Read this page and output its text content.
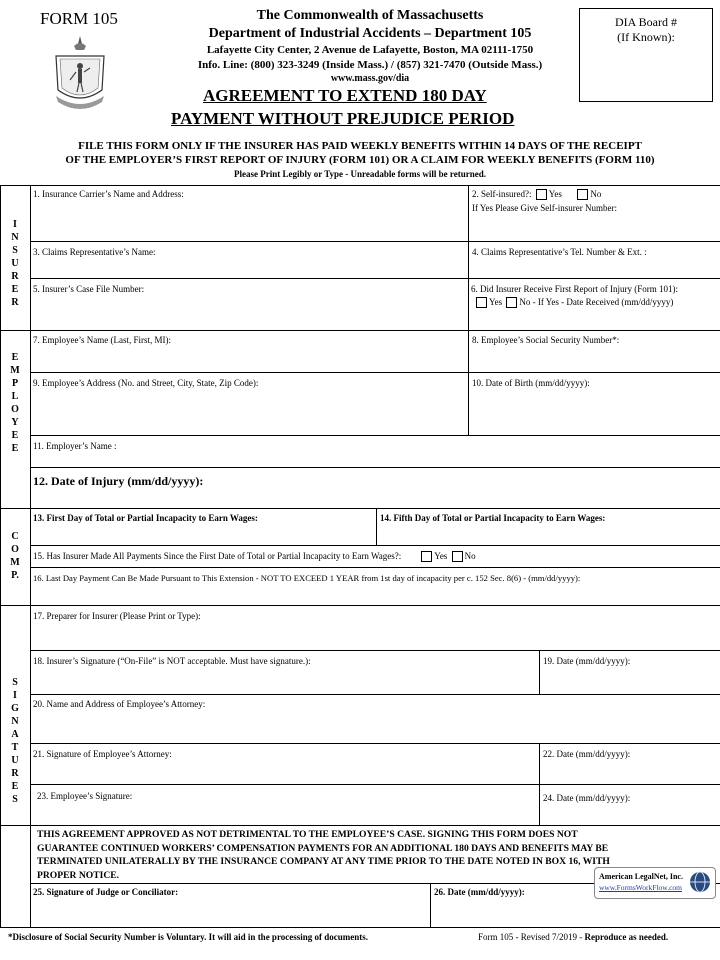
FORM 105	The Commonwealth of Massachusetts
Department of Industrial Accidents – Department 105
Lafayette City Center, 2 Avenue de Lafayette, Boston, MA 02111-1750
Info. Line: (800) 323-3249 (Inside Mass.) / (857) 321-7470 (Outside Mass.)
www.mass.gov/dia
AGREEMENT TO EXTEND 180 DAY
PAYMENT WITHOUT PREJUDICE PERIOD
DIA Board #
(If Known):
FILE THIS FORM ONLY IF THE INSURER HAS PAID WEEKLY BENEFITS WITHIN 14 DAYS OF THE RECEIPT
OF THE EMPLOYER’S FIRST REPORT OF INJURY (FORM 101) OR A CLAIM FOR WEEKLY BENEFITS (FORM 110)
Please Print Legibly or Type - Unreadable forms will be returned.
I
N
S
U
R
E
R
E
M
P
L
O
Y
E
E
C
O
M
P.
S
I
G
N
A
T
U
R
E
S
1. Insurance Carrier’s Name and Address:	2. Self-insured?: Yes	No
If Yes Please Give Self-insurer Number:
3. Claims Representative’s Name:	4. Claims Representative’s Tel. Number & Ext. :
5. Insurer’s Case File Number:	6. Did Insurer Receive First Report of Injury (Form 101):
Yes No - If Yes - Date Received (mm/dd/yyyy)
7. Employee’s Name (Last, First, MI):	8. Employee’s Social Security Number*:
9. Employee’s Address (No. and Street, City, State, Zip Code):	10. Date of Birth (mm/dd/yyyy):
11. Employer’s Name :
12. Date of Injury (mm/dd/yyyy):
13. First Day of Total or Partial Incapacity to Earn Wages:	14. Fifth Day of Total or Partial Incapacity to Earn Wages:
15. Has Insurer Made All Payments Since the First Date of Total or Partial Incapacity to Earn Wages?:	Yes No
16. Last Day Payment Can Be Made Pursuant to This Extension - NOT TO EXCEED 1 YEAR from 1st day of incapacity per c. 152 Sec. 8(6) - (mm/dd/yyyy):
17. Preparer for Insurer (Please Print or Type):
18. Insurer’s Signature (“On-File” is NOT acceptable. Must have signature.):	19. Date (mm/dd/yyyy):
20. Name and Address of Employee’s Attorney:
21. Signature of Employee’s Attorney:	22. Date (mm/dd/yyyy):
23. Employee’s Signature:	24. Date (mm/dd/yyyy):
THIS AGREEMENT APPROVED AS NOT DETRIMENTAL TO THE EMPLOYEE’S CASE. SIGNING THIS FORM DOES NOT
GUARANTEE CONTINUED WORKERS’ COMPENSATION PAYMENTS FOR AN ADDITIONAL 180 DAYS AND BENEFITS MAY BE
TERMINATED UNILATERALLY BY THE INSURANCE COMPANY AT ANY TIME PRIOR TO THE DATE NOTED IN BOX 16, WITH
PROPER NOTICE.	American LegalNet, Inc.
www.FormsWorkFlow.com
25. Signature of Judge or Conciliator:	26. Date (mm/dd/yyyy):
*Disclosure of Social Security Number is Voluntary. It will aid in the processing of documents.	Form 105 - Revised 7/2019 - Reproduce as needed.
